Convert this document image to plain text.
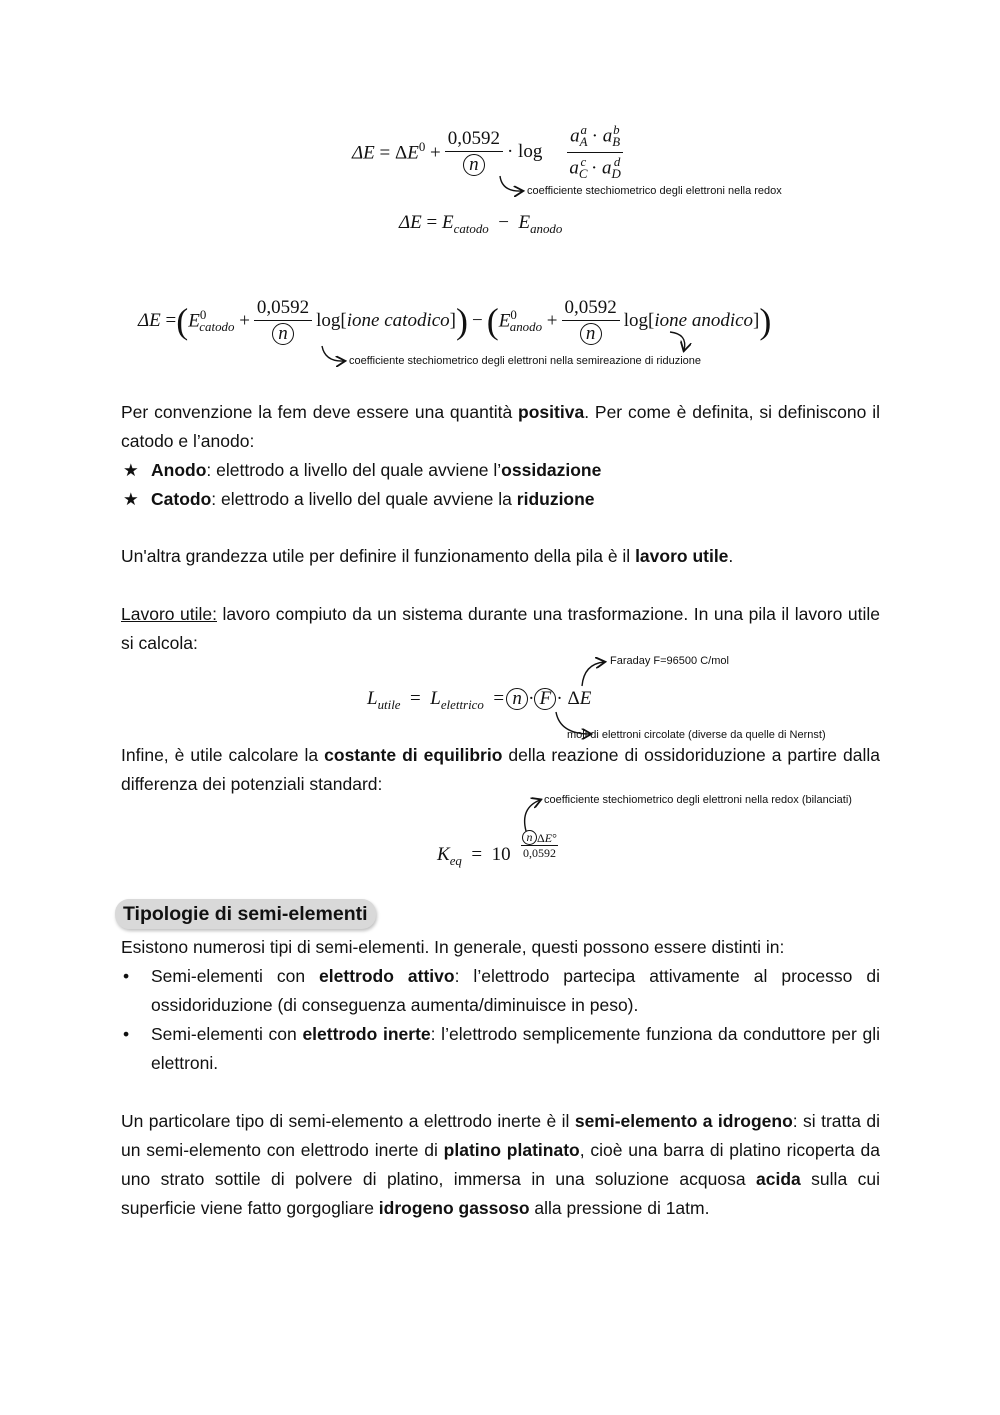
$\Delta E = \Delta E^0 + \frac{0,0592}{n} \cdot \log \frac{a_A^a \cdot a_B^b}{a_C^c \cdot a_D^d}$
coefficiente stechiometrico degli elettroni nella redox
$\Delta E = E_{catodo} - E_{anodo}$
ΔE = ( $E^0_{catodo} + \frac{0,0592}{n}$ log[ione catodico] ) − ( $E^0_{anodo} + \frac{0,0592}{n}$ log[ione anodico] )
coefficiente stechiometrico degli elettroni nella semireazione di riduzione

Per convenzione la fem deve essere una quantità positiva. Per come è definita, si definiscono il catodo e l’anodo:

★ Anodo: elettrodo a livello del quale avviene l’ossidazione
★ Catodo: elettrodo a livello del quale avviene la riduzione

Un'altra grandezza utile per definire il funzionamento della pila è il lavoro utile.

Lavoro utile: lavoro compiuto da un sistema durante una trasformazione. In una pila il lavoro utile si calcola:

Faraday F=96500 C/mol
$L_{utile} = L_{elettrico} = n \cdot F \cdot \Delta E$
moli di elettroni circolate (diverse da quelle di Nernst)

Infine, è utile calcolare la costante di equilibrio della reazione di ossidoriduzione a partire dalla differenza dei potenziali standard:

coefficiente stechiometrico degli elettroni nella redox (bilanciati)
$K_{eq} = 10$
n ΔE°
0,0592
Tipologie di semi-elementi

Esistono numerosi tipi di semi-elementi. In generale, questi possono essere distinti in:

• Semi-elementi con elettrodo attivo: l’elettrodo partecipa attivamente al processo di ossidoriduzione (di conseguenza aumenta/diminuisce in peso).
• Semi-elementi con elettrodo inerte: l’elettrodo semplicemente funziona da conduttore per gli elettroni.

Un particolare tipo di semi-elemento a elettrodo inerte è il semi-elemento a idrogeno: si tratta di un semi-elemento con elettrodo inerte di platino platinato, cioè una barra di platino ricoperta da uno strato sottile di polvere di platino, immersa in una soluzione acquosa acida sulla cui superficie viene fatto gorgogliare idrogeno gassoso alla pressione di 1atm.
